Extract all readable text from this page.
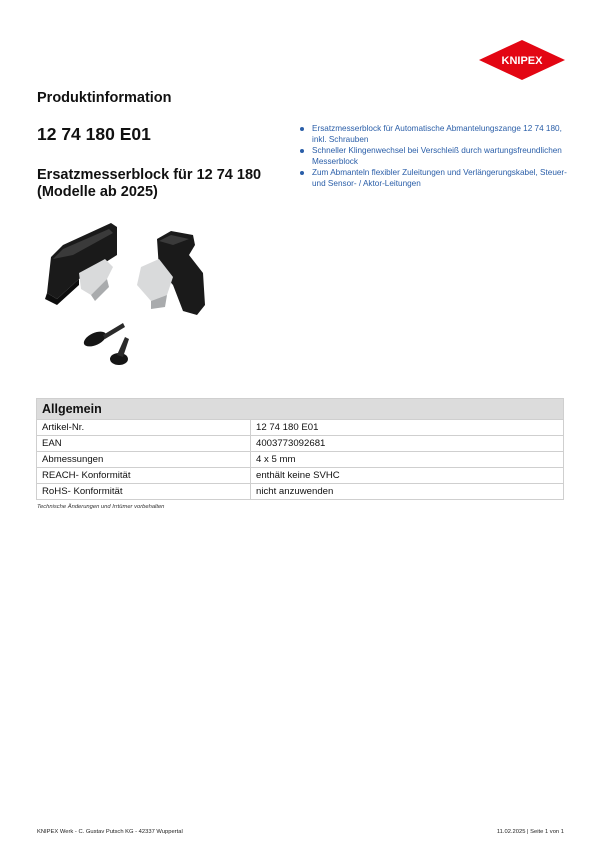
KNIPEX
Produktinformation
12 74 180 E01
Ersatzmesserblock für 12 74 180 (Modelle ab 2025)
Ersatzmesserblock für Automatische Abmantelungszange 12 74 180, inkl. Schrauben
Schneller Klingenwechsel bei Verschleiß durch wartungsfreundlichen Messerblock
Zum Abmanteln flexibler Zuleitungen und Verlängerungskabel, Steuer- und Sensor- / Aktor-Leitungen
Allgemein	
Artikel-Nr.	12 74 180 E01
EAN	4003773092681
Abmessungen	4 x 5 mm
REACH- Konformität	enthält keine SVHC
RoHS- Konformität	nicht anzuwenden
Technische Änderungen und Irrtümer vorbehalten
KNIPEX Werk - C. Gustav Putsch KG - 42337 Wuppertal	11.02.2025 | Seite 1 von 1
